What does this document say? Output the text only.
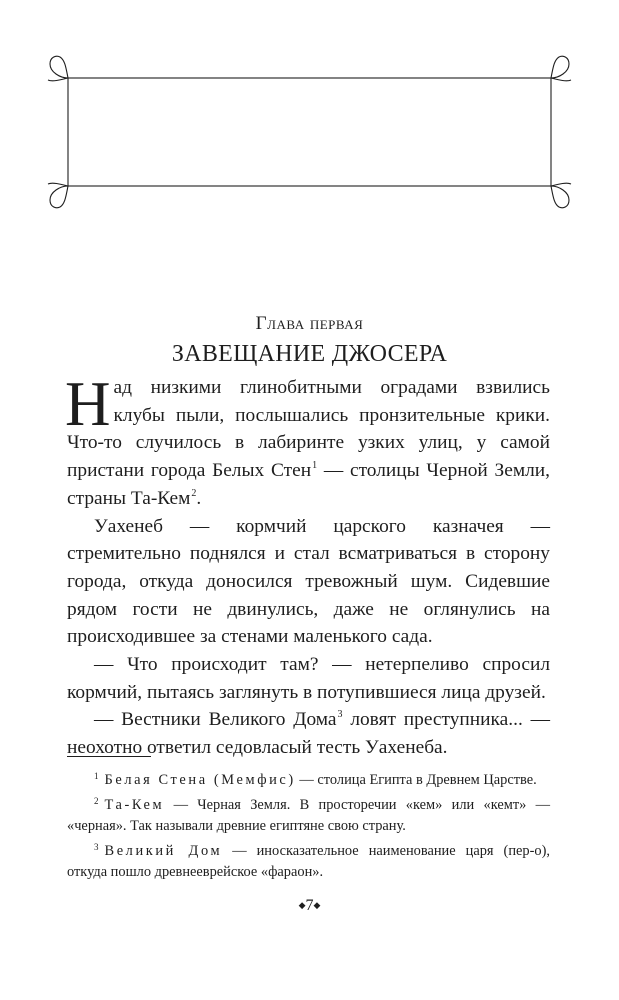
Глава первая
ЗАВЕЩАНИЕ ДЖОСЕРА

Над низкими глинобитными оградами взвились клубы пыли, послышались пронзительные крики. Что-то случилось в лабиринте узких улиц, у самой пристани города Белых Стен$^1$ — столицы Черной Земли, страны Та-Кем$^2$.

Уахенеб — кормчий царского казначея — стремительно поднялся и стал всматриваться в сторону города, откуда доносился тревожный шум. Сидевшие рядом гости не двинулись, даже не оглянулись на происходившее за стенами маленького сада.

— Что происходит там? — нетерпеливо спросил кормчий, пытаясь заглянуть в потупившиеся лица друзей.

— Вестники Великого Дома$^3$ ловят преступника... — неохотно ответил седовласый тесть Уахенеба.

$^1$ Белая Стена (Мемфис) — столица Египта в Древнем Царстве.

$^2$ Та-Кем — Черная Земля. В просторечии «кем» или «кемт» — «черная». Так называли древние египтяне свою страну.

$^3$ Великий Дом — иносказательное наименование царя (пер-о), откуда пошло древнееврейское «фараон».

◆7◆
